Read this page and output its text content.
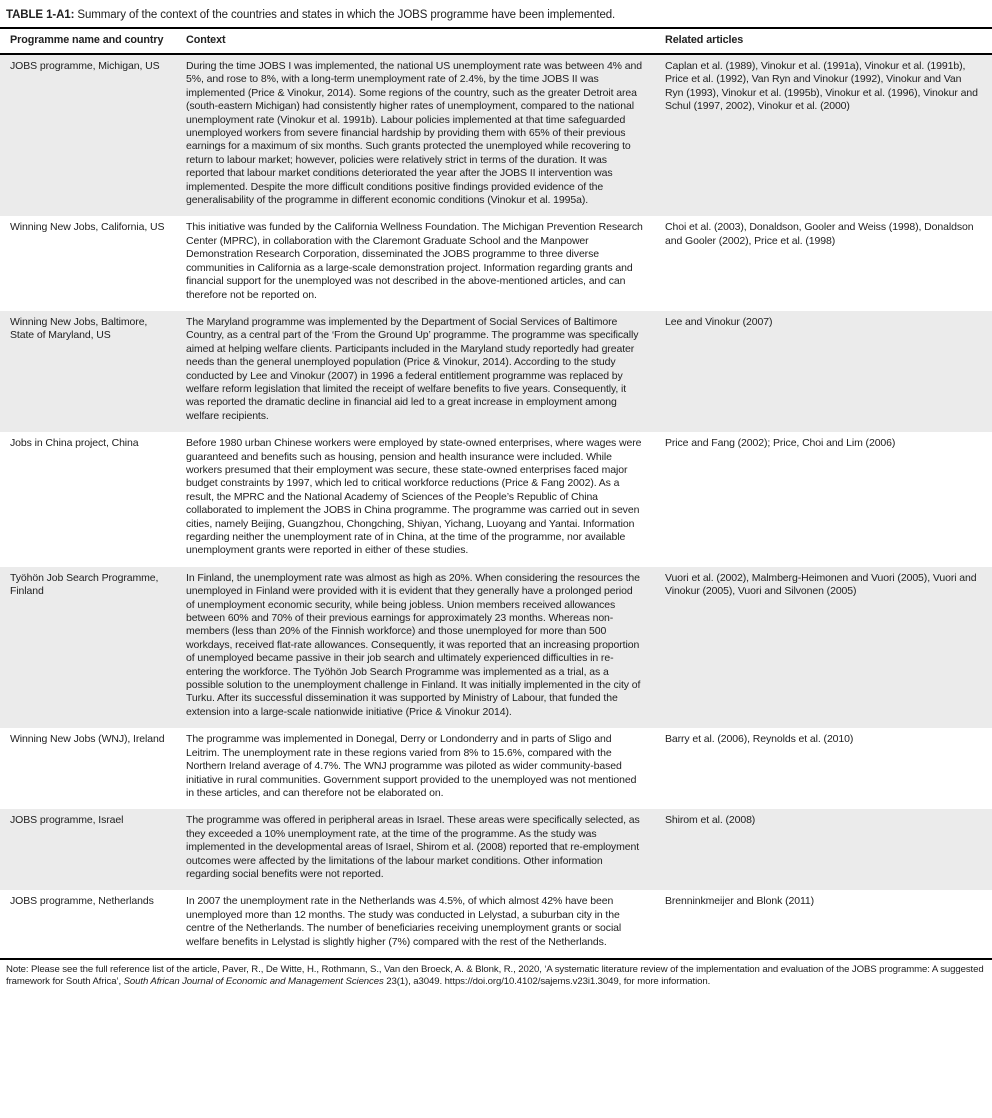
TABLE 1-A1: Summary of the context of the countries and states in which the JOBS programme have been implemented.
Programme name and country	Context	Related articles
JOBS programme, Michigan, US	During the time JOBS I was implemented, the national US unemployment rate was between 4% and 5%, and rose to 8%, with a long-term unemployment rate of 2.4%, by the time JOBS II was implemented (Price & Vinokur, 2014). Some regions of the country, such as the greater Detroit area (south-eastern Michigan) had consistently higher rates of unemployment, compared to the national unemployment rate (Vinokur et al. 1991b). Labour policies implemented at that time safeguarded unemployed workers from severe financial hardship by providing them with 65% of their previous earnings for a maximum of six months. Such grants protected the unemployed while recovering to return to labour market; however, policies were relatively strict in terms of the duration. It was reported that labour market conditions deteriorated the year after the JOBS II intervention was implemented. Despite the more difficult conditions positive findings provided evidence of the generalisability of the programme in different economic conditions (Vinokur et al. 1995a).	Caplan et al. (1989), Vinokur et al. (1991a), Vinokur et al. (1991b), Price et al. (1992), Van Ryn and Vinokur (1992), Vinokur and Van Ryn (1993), Vinokur et al. (1995b), Vinokur et al. (1996), Vinokur and Schul (1997, 2002), Vinokur et al. (2000)
Winning New Jobs, California, US	This initiative was funded by the California Wellness Foundation. The Michigan Prevention Research Center (MPRC), in collaboration with the Claremont Graduate School and the Manpower Demonstration Research Corporation, disseminated the JOBS programme to three diverse communities in California as a large-scale demonstration project. Information regarding grants and financial support for the unemployed was not described in the above-mentioned articles, and can therefore not be reported on.	Choi et al. (2003), Donaldson, Gooler and Weiss (1998), Donaldson and Gooler (2002), Price et al. (1998)
Winning New Jobs, Baltimore, State of Maryland, US	The Maryland programme was implemented by the Department of Social Services of Baltimore Country, as a central part of the ‘From the Ground Up’ programme. The programme was specifically aimed at helping welfare clients. Participants included in the Maryland study reportedly had greater needs than the general unemployed population (Price & Vinokur, 2014). According to the study conducted by Lee and Vinokur (2007) in 1996 a federal entitlement programme was replaced by welfare reform legislation that limited the receipt of welfare benefits to five years. Consequently, it was reported the dramatic decline in financial aid led to a great increase in employment among welfare recipients.	Lee and Vinokur (2007)
Jobs in China project, China	Before 1980 urban Chinese workers were employed by state-owned enterprises, where wages were guaranteed and benefits such as housing, pension and health insurance were included. While workers presumed that their employment was secure, these state-owned enterprises faced major budget constraints by 1997, which led to critical workforce reductions (Price & Fang 2002). As a result, the MPRC and the National Academy of Sciences of the People’s Republic of China collaborated to implement the JOBS in China programme. The programme was carried out in seven cities, namely Beijing, Guangzhou, Chongching, Shiyan, Yichang, Luoyang and Yantai. Information regarding neither the unemployment rate of in China, at the time of the programme, nor available unemployment grants were reported in either of these studies.	Price and Fang (2002); Price, Choi and Lim (2006)
Työhön Job Search Programme, Finland	In Finland, the unemployment rate was almost as high as 20%. When considering the resources the unemployed in Finland were provided with it is evident that they generally have a prolonged period of unemployment economic security, while being jobless. Union members received allowances between 60% and 70% of their previous earnings for approximately 23 months. Whereas non-members (less than 20% of the Finnish workforce) and those unemployed for more than 500 workdays, received flat-rate allowances. Consequently, it was reported that an increasing proportion of unemployed became passive in their job search and ultimately experienced difficulties in re-entering the workforce. The Työhön Job Search Programme was implemented as a trial, as a possible solution to the unemployment challenge in Finland. It was initially implemented in the city of Turku. After its successful dissemination it was supported by Ministry of Labour, that funded the extension into a large-scale nationwide initiative (Price & Vinokur 2014).	Vuori et al. (2002), Malmberg-Heimonen and Vuori (2005), Vuori and Vinokur (2005), Vuori and Silvonen (2005)
Winning New Jobs (WNJ), Ireland	The programme was implemented in Donegal, Derry or Londonderry and in parts of Sligo and Leitrim. The unemployment rate in these regions varied from 8% to 15.6%, compared with the Northern Ireland average of 4.7%. The WNJ programme was piloted as wider community-based initiative in rural communities. Government support provided to the unemployed was not mentioned in these articles, and can therefore not be elaborated on.	Barry et al. (2006), Reynolds et al. (2010)
JOBS programme, Israel	The programme was offered in peripheral areas in Israel. These areas were specifically selected, as they exceeded a 10% unemployment rate, at the time of the programme. As the study was implemented in the developmental areas of Israel, Shirom et al. (2008) reported that re-employment outcomes were affected by the limitations of the labour market conditions. Other information regarding social benefits were not reported.	Shirom et al. (2008)
JOBS programme, Netherlands	In 2007 the unemployment rate in the Netherlands was 4.5%, of which almost 42% have been unemployed more than 12 months. The study was conducted in Lelystad, a suburban city in the centre of the Netherlands. The number of beneficiaries receiving unemployment grants or social welfare benefits in Lelystad is slightly higher (7%) compared with the rest of the Netherlands.	Brenninkmeijer and Blonk (2011)
Note: Please see the full reference list of the article, Paver, R., De Witte, H., Rothmann, S., Van den Broeck, A. & Blonk, R., 2020, ‘A systematic literature review of the implementation and evaluation of the JOBS programme: A suggested framework for South Africa’, South African Journal of Economic and Management Sciences 23(1), a3049. https://doi.org/10.4102/sajems.v23i1.3049, for more information.
